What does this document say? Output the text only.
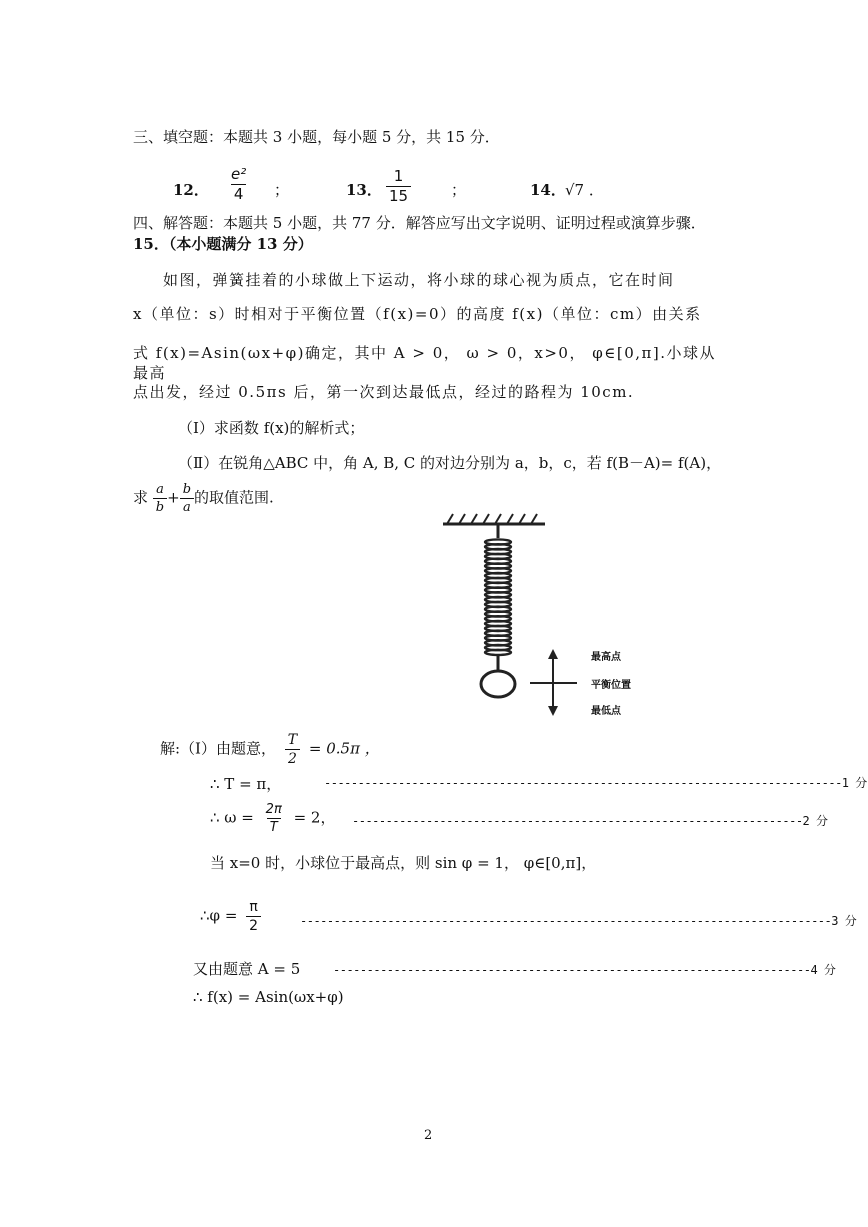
三、填空题：本题共 3 小题，每小题 5 分，共 15 分．
12． $\frac{\text{e²}}{4}$ ；	13． $\frac{1}{15}$	；	14． √7 ．
四、解答题：本题共 5 小题，共 77 分．解答应写出文字说明、证明过程或演算步骤．
15．（本小题满分 13 分）
如图，弹簧挂着的小球做上下运动，将小球的球心视为质点，它在时间
x（单位：s）时相对于平衡位置（f(x)=0）的高度 f(x)（单位：cm）由关系
式 f(x)=Asin(ωx+φ)确定，其中 A > 0， ω > 0，x>0， φ∈[0,π].小球从最高
点出发，经过 0.5πs 后，第一次到达最低点，经过的路程为 10cm.
（Ⅰ）求函数 f(x)的解析式；
（Ⅱ）在锐角△ABC 中，角 A, B, C 的对边分别为 a，b，c，若 f(B－A)= f(A)，
求 $\frac{a}{b} + \frac{b}{a}$ 的取值范围.
最高点
平衡位置
最低点
解:（Ⅰ）由题意， $\frac{T}{2} = 0.5\pi$ ，
∴ T = π，	-----------------------------------------------------------------------------1 分
∴ $\omega = \frac{2\pi}{T} = 2$， -------------------------------------------------------------------2 分
当 x=0 时，小球位于最高点，则 sin φ = 1， φ∈[0,π]，
∴φ = $\frac{\pi}{2}$	-------------------------------------------------------------------------------3 分
又由题意 A = 5	-----------------------------------------------------------------------4 分
∴ f(x) = Asin(ωx+φ)
2
